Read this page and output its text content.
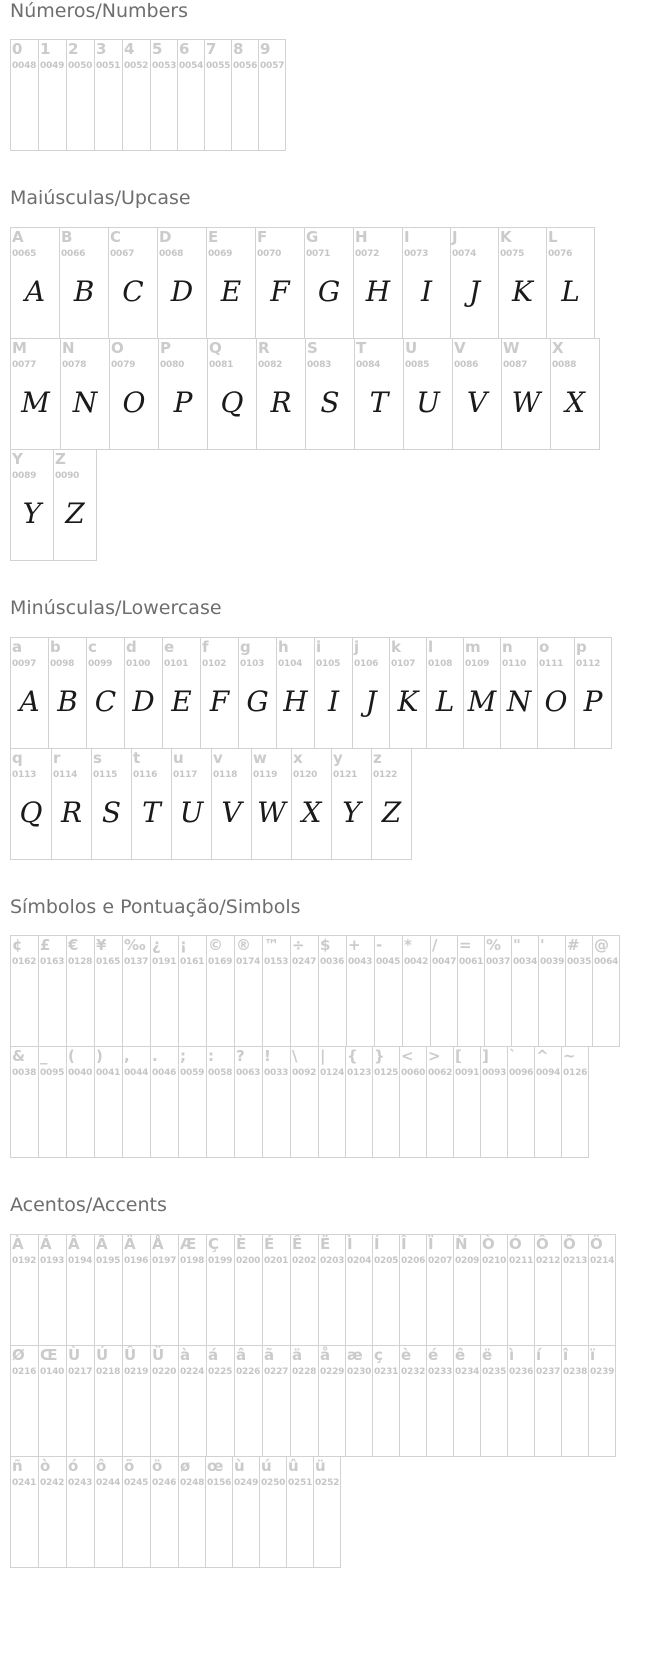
Números/Numbers
0
0048
1
0049
2
0050
3
0051
4
0052
5
0053
6
0054
7
0055
8
0056
9
0057
Maiúsculas/Upcase
A
0065
A
B
0066
B
C
0067
C
D
0068
D
E
0069
E
F
0070
F
G
0071
G
H
0072
H
I
0073
I
J
0074
J
K
0075
K
L
0076
L
M
0077
M
N
0078
N
O
0079
O
P
0080
P
Q
0081
Q
R
0082
R
S
0083
S
T
0084
T
U
0085
U
V
0086
V
W
0087
W
X
0088
X
Y
0089
Y
Z
0090
Z
Minúsculas/Lowercase
a
0097
A
b
0098
B
c
0099
C
d
0100
D
e
0101
E
f
0102
F
g
0103
G
h
0104
H
i
0105
I
j
0106
J
k
0107
K
l
0108
L
m
0109
M
n
0110
N
o
0111
O
p
0112
P
q
0113
Q
r
0114
R
s
0115
S
t
0116
T
u
0117
U
v
0118
V
w
0119
W
x
0120
X
y
0121
Y
z
0122
Z
Símbolos e Pontuação/Simbols
¢
0162
£
0163
€
0128
¥
0165
‰
0137
¿
0191
¡
0161
©
0169
®
0174
™
0153
÷
0247
$
0036
+
0043
-
0045
*
0042
/
0047
=
0061
%
0037
"
0034
'
0039
#
0035
@
0064
&
0038
_
0095
(
0040
)
0041
,
0044
.
0046
;
0059
:
0058
?
0063
!
0033
\
0092
|
0124
{
0123
}
0125
<
0060
>
0062
[
0091
]
0093
`
0096
^
0094
~
0126
Acentos/Accents
À
0192
Á
0193
Â
0194
Ã
0195
Ä
0196
Å
0197
Æ
0198
Ç
0199
È
0200
É
0201
Ê
0202
Ë
0203
Ì
0204
Í
0205
Î
0206
Ï
0207
Ñ
0209
Ò
0210
Ó
0211
Ô
0212
Õ
0213
Ö
0214
Ø
0216
Œ
0140
Ù
0217
Ú
0218
Û
0219
Ü
0220
à
0224
á
0225
â
0226
ã
0227
ä
0228
å
0229
æ
0230
ç
0231
è
0232
é
0233
ê
0234
ë
0235
ì
0236
í
0237
î
0238
ï
0239
ñ
0241
ò
0242
ó
0243
ô
0244
õ
0245
ö
0246
ø
0248
œ
0156
ù
0249
ú
0250
û
0251
ü
0252
